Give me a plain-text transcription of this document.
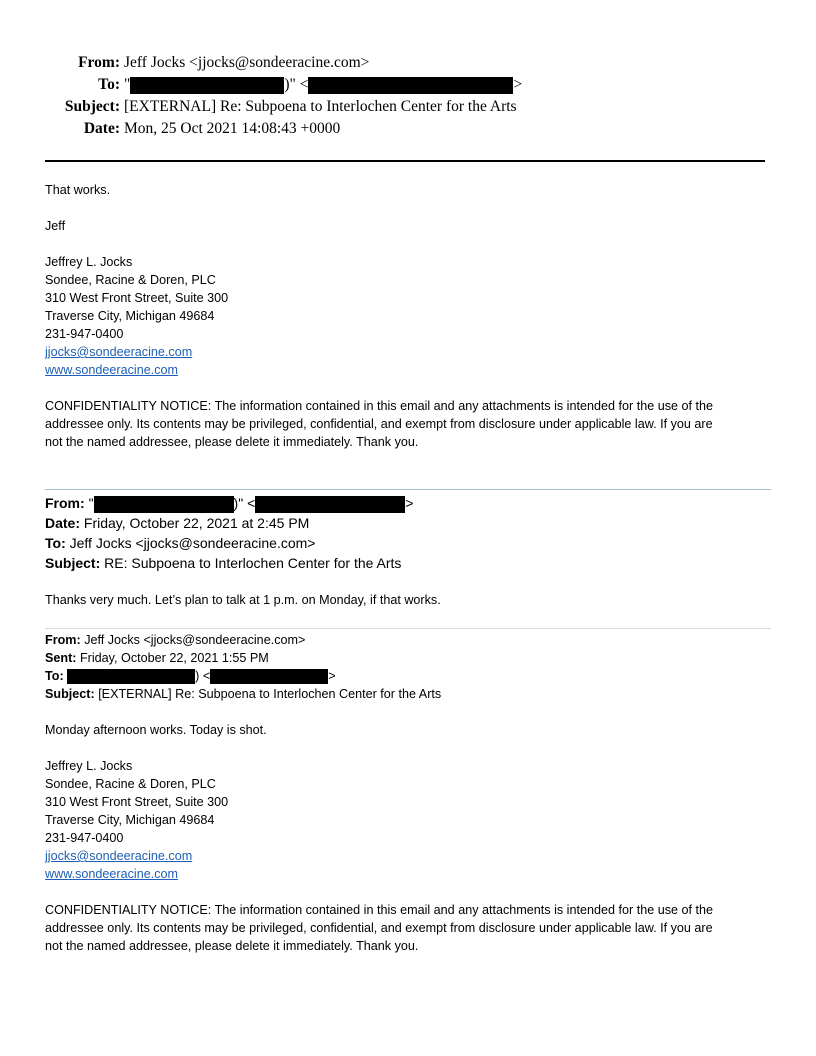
From: Jeff Jocks <jjocks@sondeeracine.com>
To: "	)" <	>
Subject: [EXTERNAL] Re: Subpoena to Interlochen Center for the Arts
Date: Mon, 25 Oct 2021 14:08:43 +0000
That works.
Jeff
Jeffrey L. Jocks
Sondee, Racine & Doren, PLC
310 West Front Street, Suite 300
Traverse City, Michigan 49684
231-947-0400
jjocks@sondeeracine.com
www.sondeeracine.com
CONFIDENTIALITY NOTICE: The information contained in this email and any attachments is intended for the use of the
addressee only. Its contents may be privileged, confidential, and exempt from disclosure under applicable law. If you are
not the named addressee, please delete it immediately. Thank you.
From: "	)" <	>
Date: Friday, October 22, 2021 at 2:45 PM
To: Jeff Jocks <jjocks@sondeeracine.com>
Subject: RE: Subpoena to Interlochen Center for the Arts
Thanks very much. Let’s plan to talk at 1 p.m. on Monday, if that works.
From: Jeff Jocks <jjocks@sondeeracine.com>
Sent: Friday, October 22, 2021 1:55 PM
To:	) <	>
Subject: [EXTERNAL] Re: Subpoena to Interlochen Center for the Arts
Monday afternoon works. Today is shot.
Jeffrey L. Jocks
Sondee, Racine & Doren, PLC
310 West Front Street, Suite 300
Traverse City, Michigan 49684
231-947-0400
jjocks@sondeeracine.com
www.sondeeracine.com
CONFIDENTIALITY NOTICE: The information contained in this email and any attachments is intended for the use of the
addressee only. Its contents may be privileged, confidential, and exempt from disclosure under applicable law. If you are
not the named addressee, please delete it immediately. Thank you.
